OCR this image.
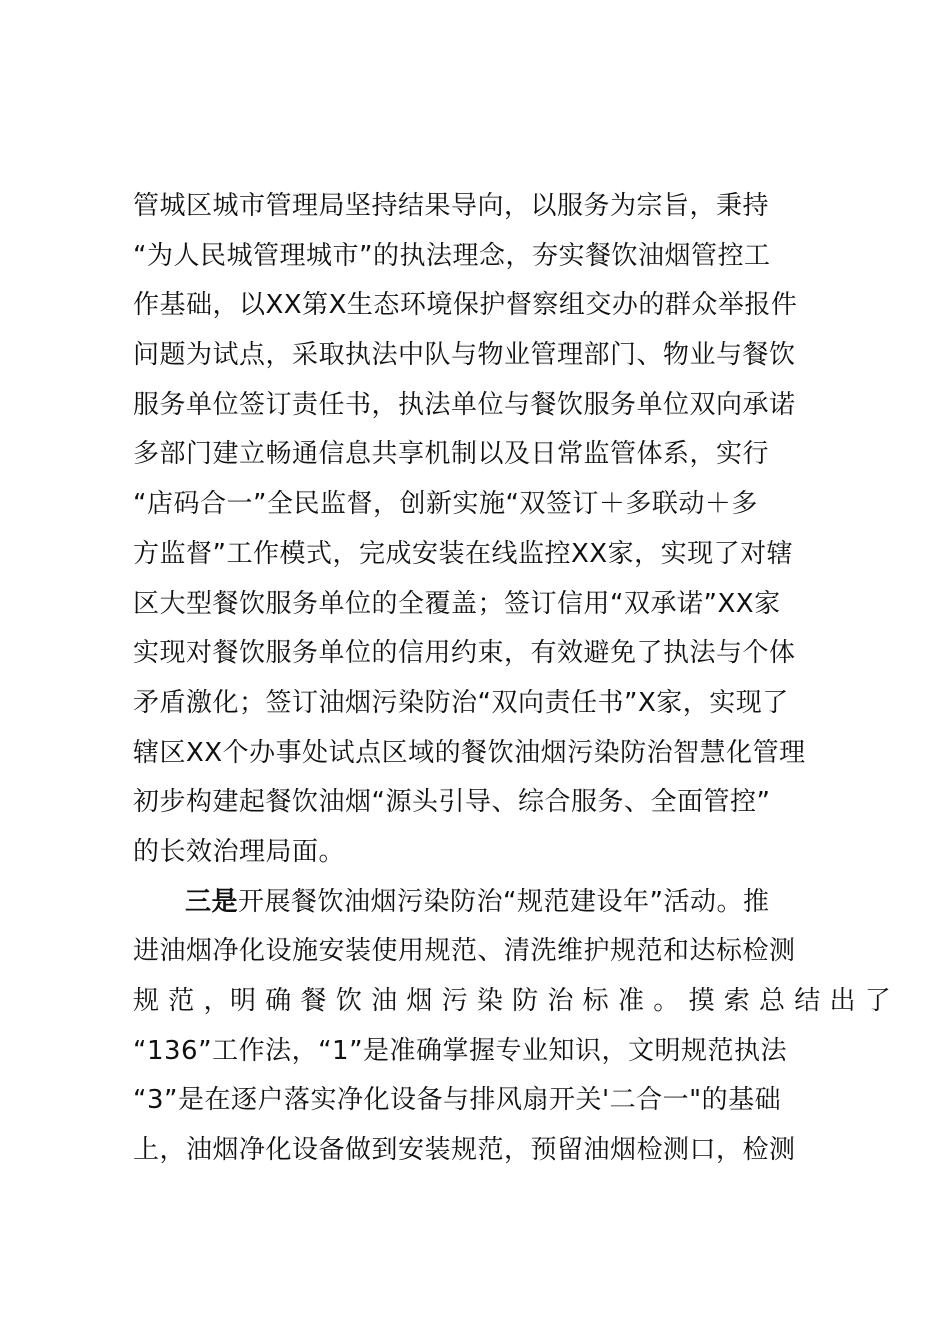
管城区城市管理局坚持结果导向，以服务为宗旨，秉持
“为人民城管理城市”的执法理念，夯实餐饮油烟管控工
作基础，以XX第X生态环境保护督察组交办的群众举报件
问题为试点，采取执法中队与物业管理部门、物业与餐饮
服务单位签订责任书，执法单位与餐饮服务单位双向承诺
多部门建立畅通信息共享机制以及日常监管体系，实行
“店码合一”全民监督，创新实施“双签订＋多联动＋多
方监督”工作模式，完成安装在线监控XX家，实现了对辖
区大型餐饮服务单位的全覆盖；签订信用“双承诺”XX家
实现对餐饮服务单位的信用约束，有效避免了执法与个体
矛盾激化；签订油烟污染防治“双向责任书”X家，实现了
辖区XX个办事处试点区域的餐饮油烟污染防治智慧化管理
初步构建起餐饮油烟“源头引导、综合服务、全面管控”
的长效治理局面。
三是开展餐饮油烟污染防治“规范建设年”活动。推
进油烟净化设施安装使用规范、清洗维护规范和达标检测
规 范 ，明 确 餐 饮 油 烟 污 染 防 治 标 准 。 摸 索 总 结 出 了
“136”工作法，“1”是准确掌握专业知识，文明规范执法
“3”是在逐户落实净化设备与排风扇开关'二合一"的基础
上，油烟净化设备做到安装规范，预留油烟检测口，检测
